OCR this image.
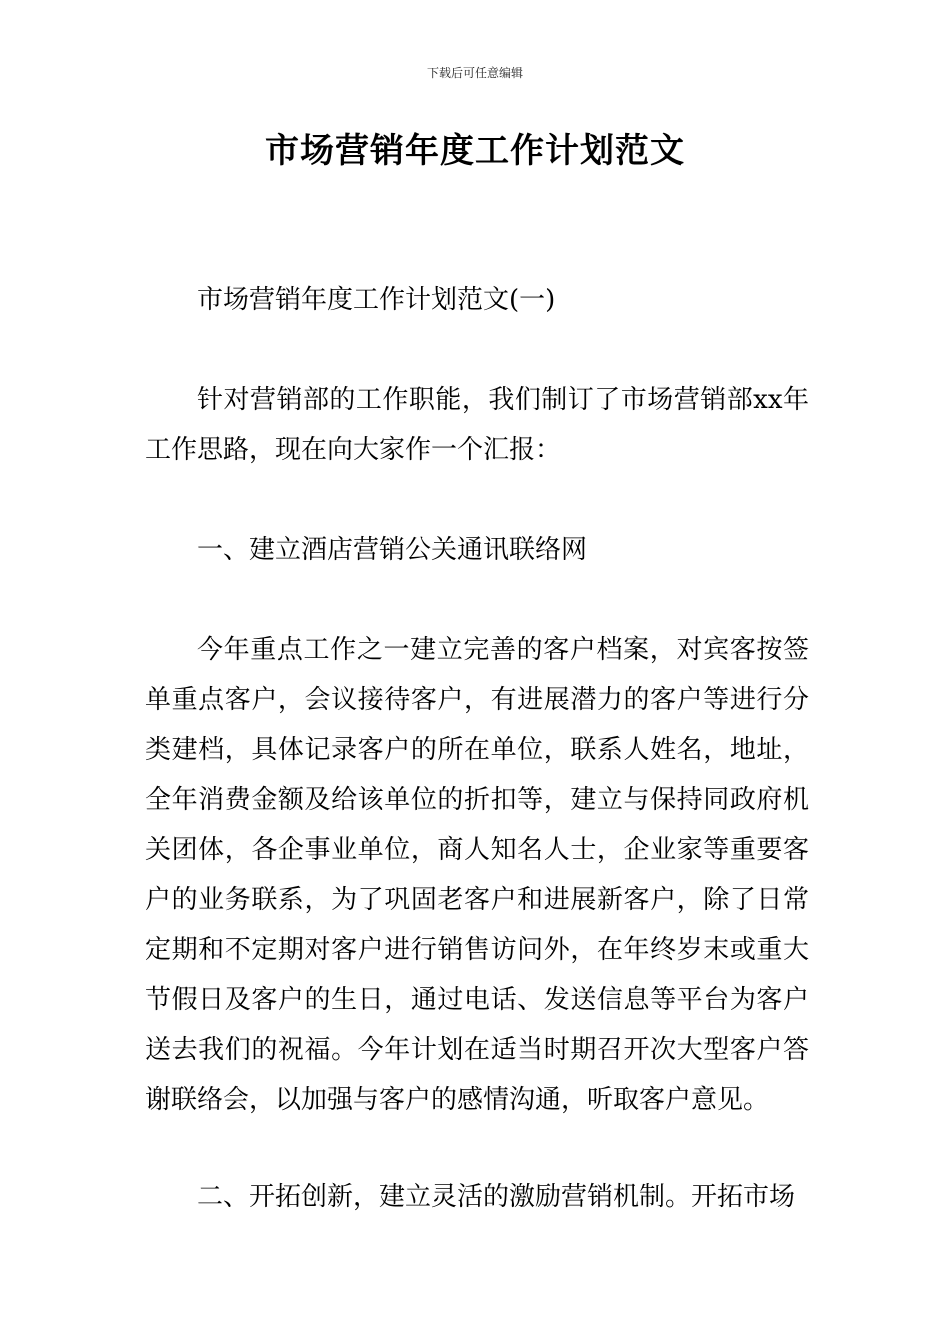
下载后可任意编辑
市场营销年度工作计划范文

市场营销年度工作计划范文(一)

针对营销部的工作职能，我们制订了市场营销部xx年工作思路，现在向大家作一个汇报：

一、建立酒店营销公关通讯联络网

今年重点工作之一建立完善的客户档案，对宾客按签单重点客户，会议接待客户，有进展潜力的客户等进行分类建档，具体记录客户的所在单位，联系人姓名，地址，全年消费金额及给该单位的折扣等，建立与保持同政府机关团体，各企事业单位，商人知名人士，企业家等重要客户的业务联系，为了巩固老客户和进展新客户，除了日常定期和不定期对客户进行销售访问外，在年终岁末或重大节假日及客户的生日，通过电话、发送信息等平台为客户送去我们的祝福。今年计划在适当时期召开次大型客户答谢联络会，以加强与客户的感情沟通，听取客户意见。

二、开拓创新，建立灵活的激励营销机制。开拓市场
